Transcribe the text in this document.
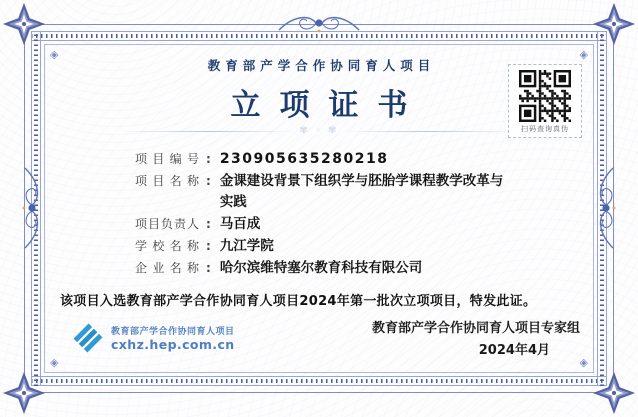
◈	◈
◈	◈
教育部产学合作协同育人项目
立项证书
✾ ◦ ✾	扫码查询真伪
项目编号 : 230905635280218
项目名称 : 金课建设背景下组织学与胚胎学课程教学改革与实践
项目负责人 : 马百成
学校名称 : 九江学院
企业名称 : 哈尔滨维特塞尔教育科技有限公司
该项目入选教育部产学合作协同育人项目2024年第一批次立项项目，特发此证。
教育部产学合作协同育人项目
cxhz.hep.com.cn
教育部产学合作协同育人项目专家组
2024年4月
